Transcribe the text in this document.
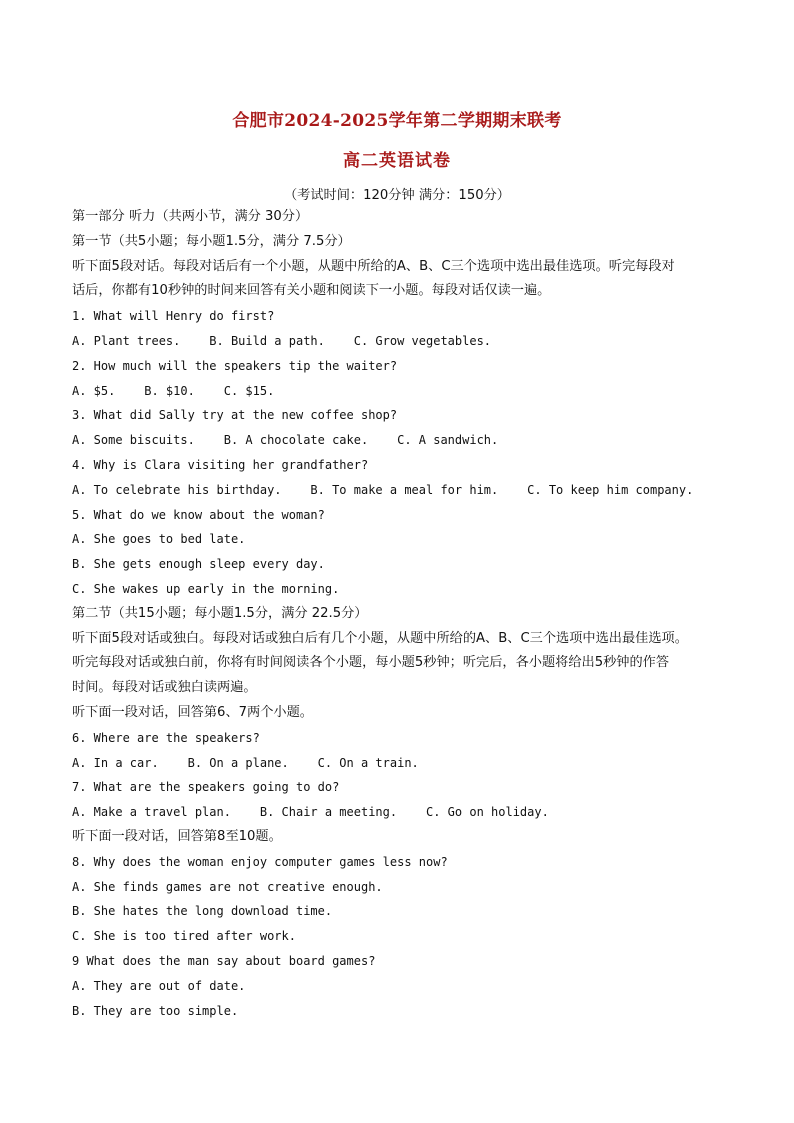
合肥市2024-2025学年第二学期期末联考
高二英语试卷
（考试时间：120分钟 满分：150分）
第一部分 听力（共两小节，满分 30分）
第一节（共5小题；每小题1.5分，满分 7.5分）
听下面5段对话。每段对话后有一个小题，从题中所给的A、B、C三个选项中选出最佳选项。听完每段对
话后，你都有10秒钟的时间来回答有关小题和阅读下一小题。每段对话仅读一遍。
1. What will Henry do first?
A. Plant trees.    B. Build a path.    C. Grow vegetables.
2. How much will the speakers tip the waiter?
A. $5.    B. $10.    C. $15.
3. What did Sally try at the new coffee shop?
A. Some biscuits.    B. A chocolate cake.    C. A sandwich.
4. Why is Clara visiting her grandfather?
A. To celebrate his birthday.    B. To make a meal for him.    C. To keep him company.
5. What do we know about the woman?
A. She goes to bed late.
B. She gets enough sleep every day.
C. She wakes up early in the morning.
第二节（共15小题；每小题1.5分，满分 22.5分）
听下面5段对话或独白。每段对话或独白后有几个小题，从题中所给的A、B、C三个选项中选出最佳选项。
听完每段对话或独白前，你将有时间阅读各个小题，每小题5秒钟；听完后，各小题将给出5秒钟的作答
时间。每段对话或独白读两遍。
听下面一段对话，回答第6、7两个小题。
6. Where are the speakers?
A. In a car.    B. On a plane.    C. On a train.
7. What are the speakers going to do?
A. Make a travel plan.    B. Chair a meeting.    C. Go on holiday.
听下面一段对话，回答第8至10题。
8. Why does the woman enjoy computer games less now?
A. She finds games are not creative enough.
B. She hates the long download time.
C. She is too tired after work.
9 What does the man say about board games?
A. They are out of date.
B. They are too simple.
